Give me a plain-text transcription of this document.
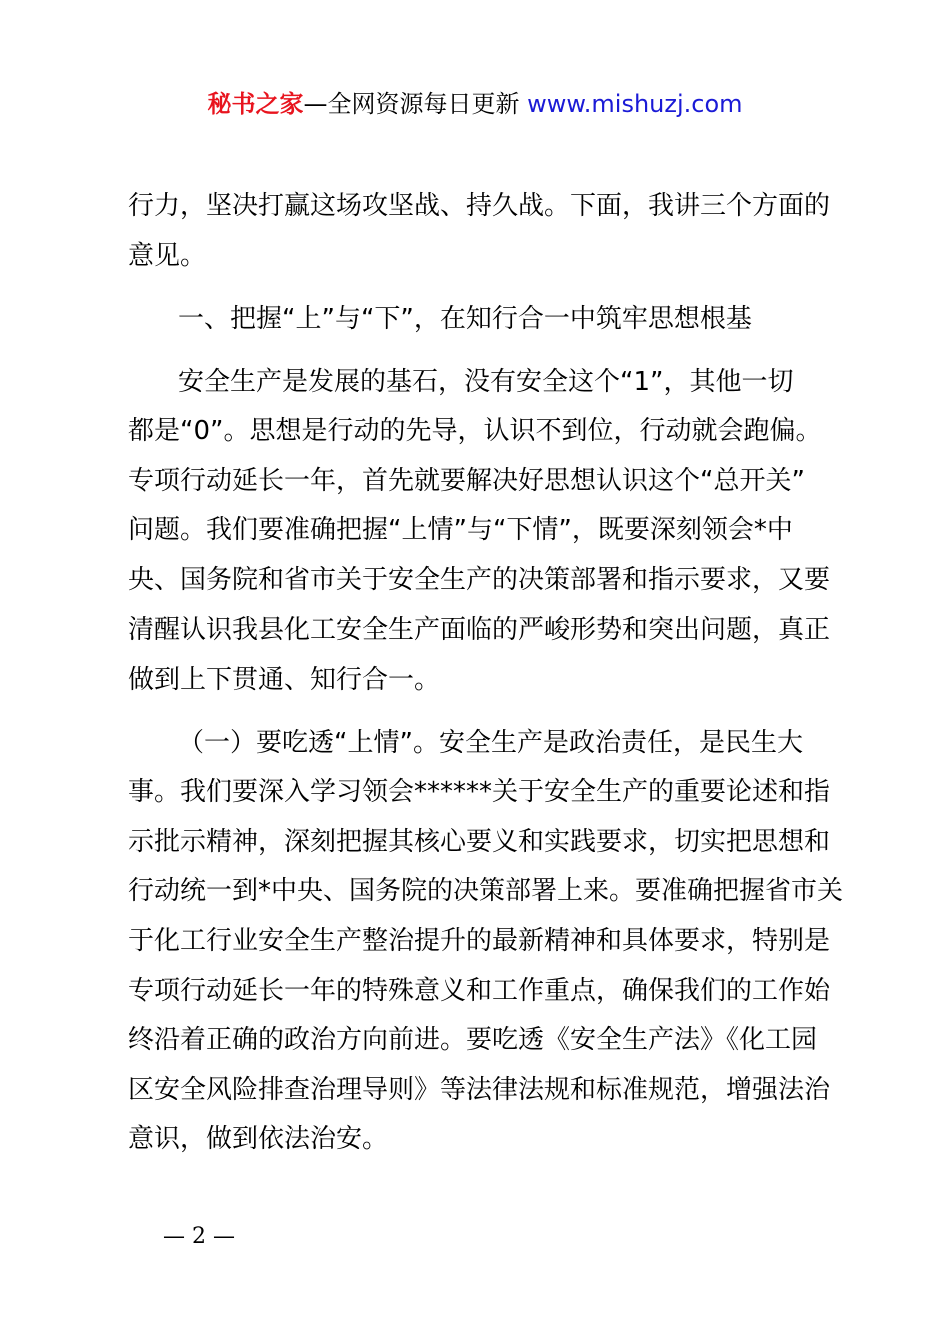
秘书之家—全网资源每日更新 www.mishuzj.com

行力，坚决打赢这场攻坚战、持久战。下面，我讲三个方面的

意见。

一、把握“上”与“下”，在知行合一中筑牢思想根基

安全生产是发展的基石，没有安全这个“1”，其他一切

都是“0”。思想是行动的先导，认识不到位，行动就会跑偏。

专项行动延长一年，首先就要解决好思想认识这个“总开关”

问题。我们要准确把握“上情”与“下情”，既要深刻领会*中

央、国务院和省市关于安全生产的决策部署和指示要求，又要

清醒认识我县化工安全生产面临的严峻形势和突出问题，真正

做到上下贯通、知行合一。

（一）要吃透“上情”。安全生产是政治责任，是民生大

事。我们要深入学习领会******关于安全生产的重要论述和指

示批示精神，深刻把握其核心要义和实践要求，切实把思想和

行动统一到*中央、国务院的决策部署上来。要准确把握省市关

于化工行业安全生产整治提升的最新精神和具体要求，特别是

专项行动延长一年的特殊意义和工作重点，确保我们的工作始

终沿着正确的政治方向前进。要吃透《安全生产法》《化工园

区安全风险排查治理导则》等法律法规和标准规范，增强法治

意识，做到依法治安。

— 2 —
